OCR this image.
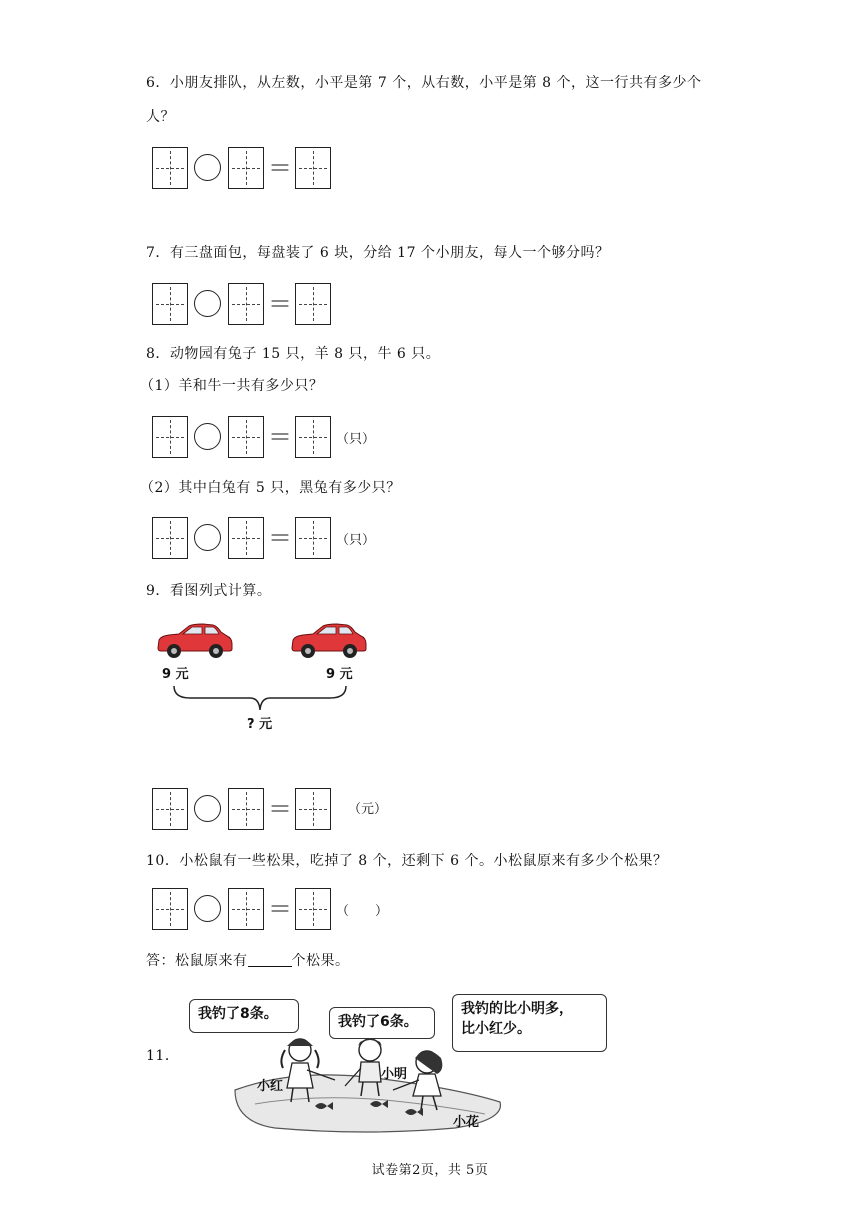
6．小朋友排队，从左数，小平是第 7 个，从右数，小平是第 8 个，这一行共有多少个
人？
＝
7．有三盘面包，每盘装了 6 块，分给 17 个小朋友，每人一个够分吗？
＝
8．动物园有兔子 15 只，羊 8 只，牛 6 只。
（1）羊和牛一共有多少只？
＝	（只）
（2）其中白兔有 5 只，黑兔有多少只？
＝	（只）
9．看图列式计算。
9 元	9 元
? 元
＝	（元）
10．小松鼠有一些松果，吃掉了 8 个，还剩下 6 个。小松鼠原来有多少个松果？
＝	（　　）
答：松鼠原来有	个松果。
11．
我钓了8条。	我钓了6条。
我钓的比小明多，
比小红少。
小红
小明
小花
试卷第2页，共 5页
